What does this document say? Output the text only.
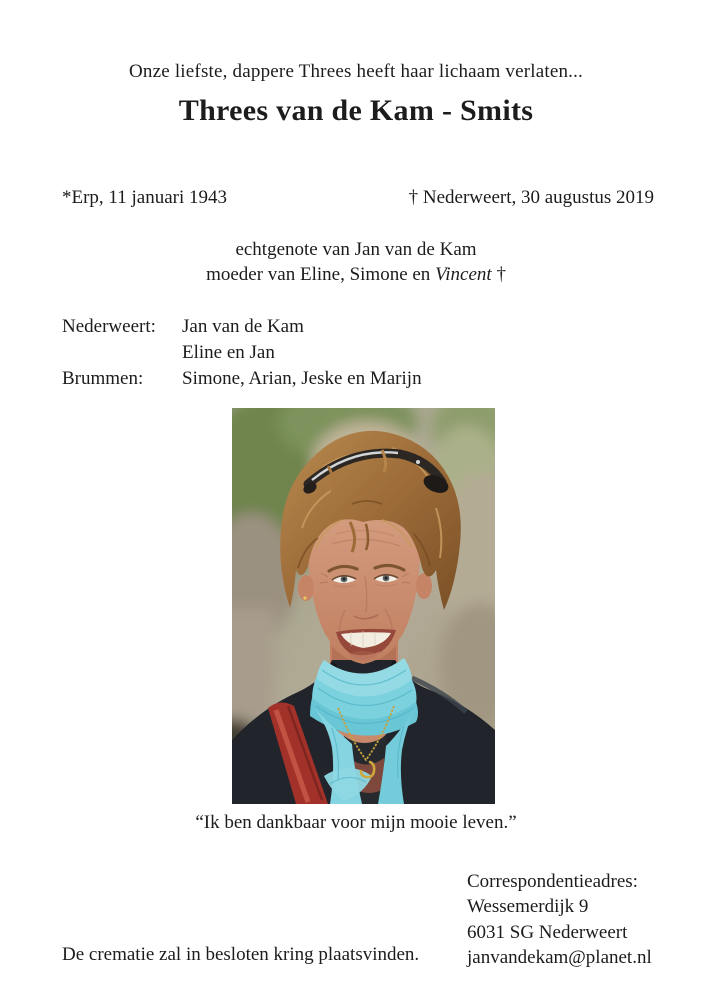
Onze liefste, dappere Threes heeft haar lichaam verlaten...
Threes van de Kam - Smits
*Erp, 11 januari 1943	† Nederweert, 30 augustus 2019
echtgenote van Jan van de Kam
moeder van Eline, Simone en Vincent †
Nederweert:	Jan van de Kam
Eline en Jan
Brummen:	Simone, Arian, Jeske en Marijn
“Ik ben dankbaar voor mijn mooie leven.”
Correspondentieadres:
Wessemerdijk 9
6031 SG Nederweert
janvandekam@planet.nl
De crematie zal in besloten kring plaatsvinden.
